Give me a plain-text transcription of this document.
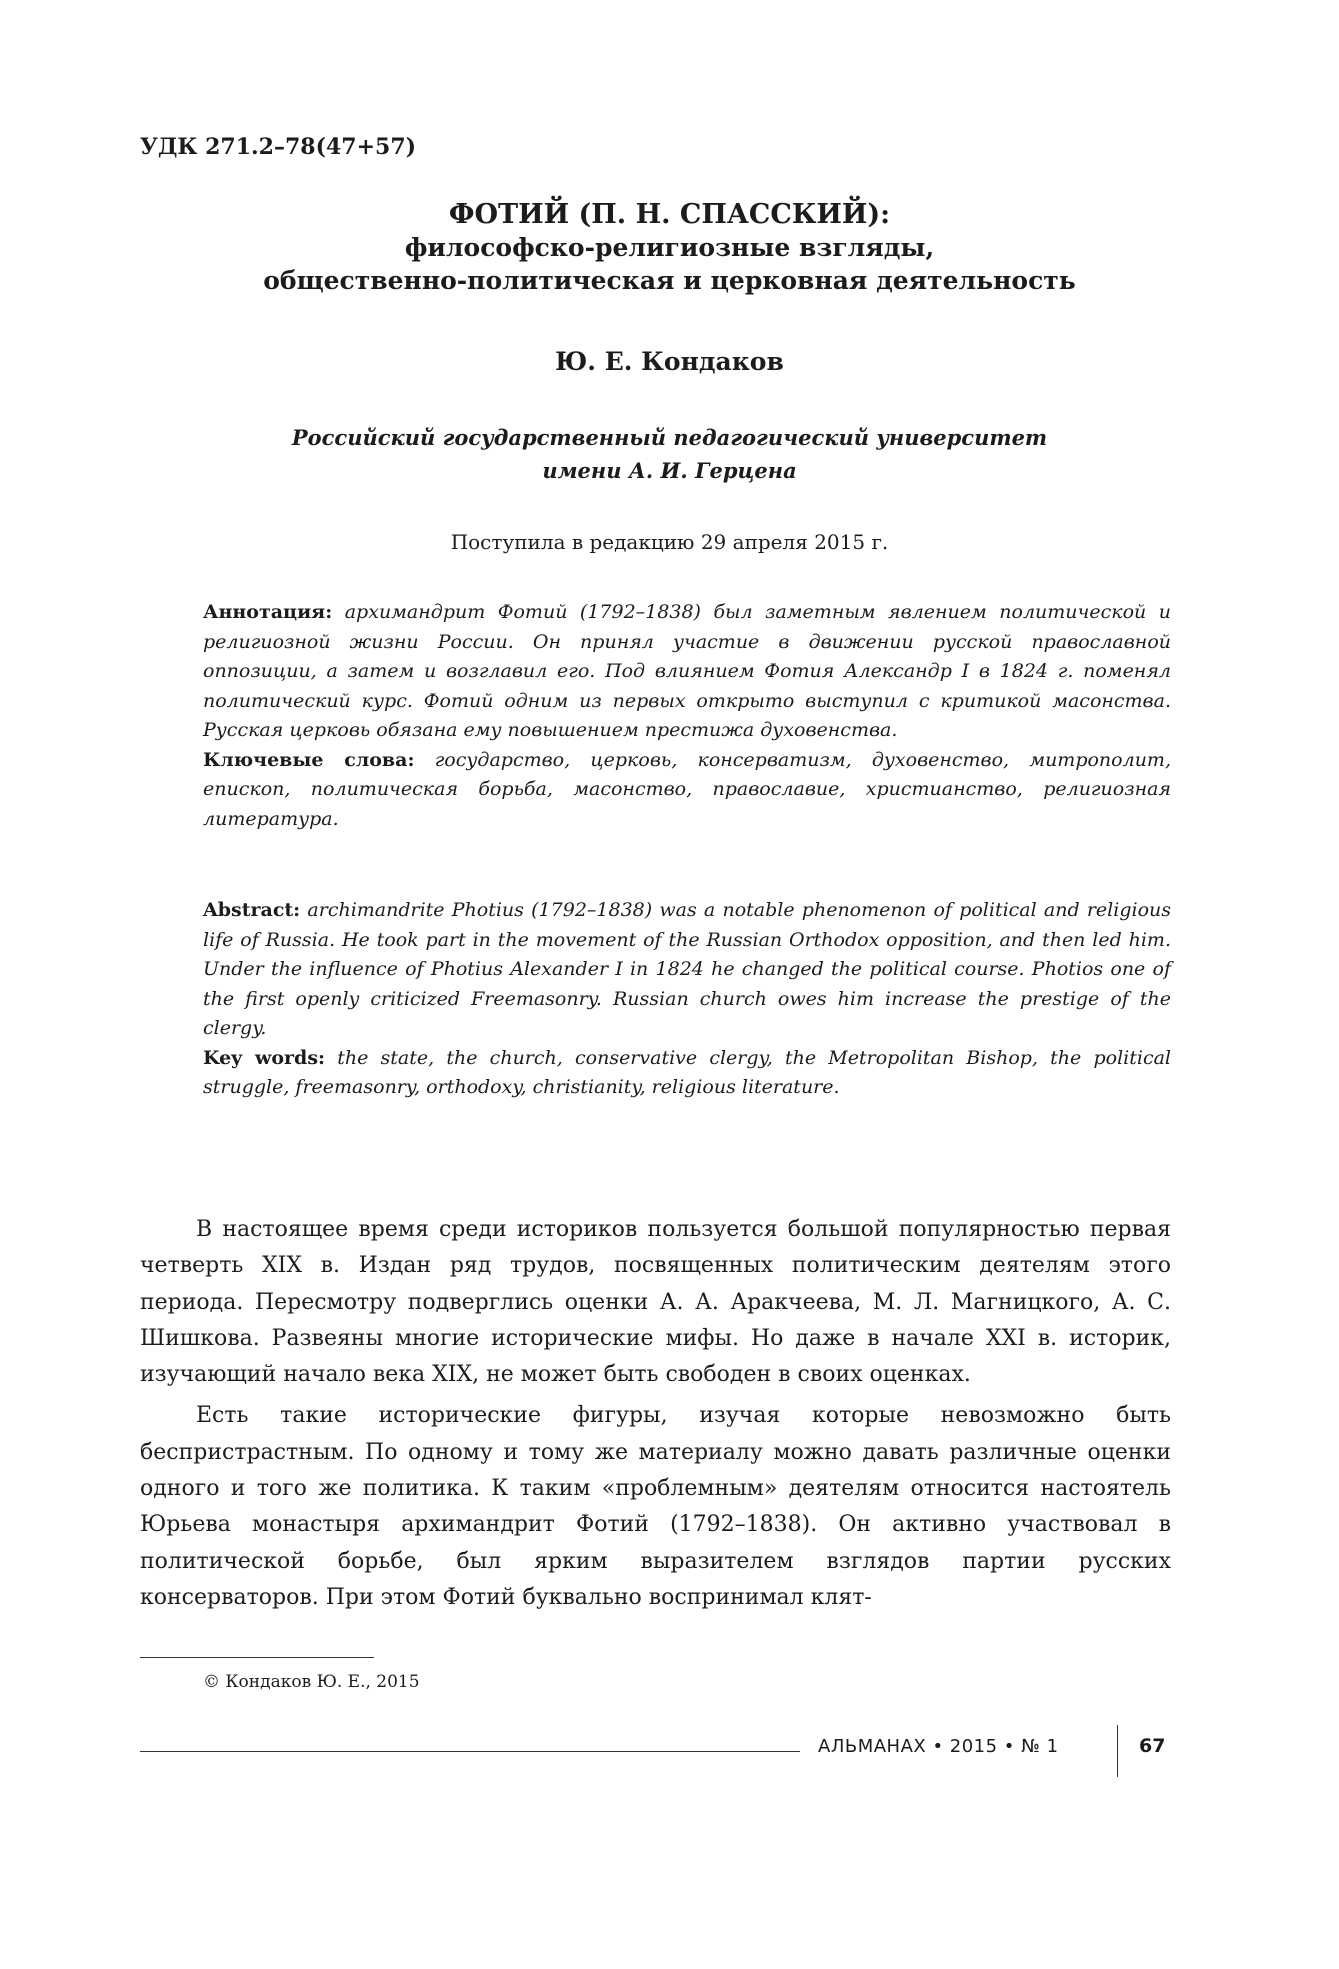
УДК 271.2–78(47+57)
ФОТИЙ (П. Н. СПАССКИЙ):
философско-религиозные взгляды,
общественно-политическая и церковная деятельность
Ю. Е. Кондаков
Российский государственный педагогический университет
имени А. И. Герцена
Поступила в редакцию 29 апреля 2015 г.

Аннотация: архимандрит Фотий (1792–1838) был заметным явлением политической и религиозной жизни России. Он принял участие в движении русской православной оппозиции, а затем и возглавил его. Под влиянием Фотия Александр I в 1824 г. поменял политический курс. Фотий одним из первых открыто выступил с критикой масонства. Русская церковь обязана ему повышением престижа духовенства.

Ключевые слова: государство, церковь, консерватизм, духовенство, митрополит, епископ, политическая борьба, масонство, православие, христианство, религиозная литература.

Abstract: archimandrite Photius (1792–1838) was a notable phenomenon of political and religious life of Russia. He took part in the movement of the Russian Orthodox opposition, and then led him. Under the influence of Photius Alexander I in 1824 he changed the political course. Photios one of the first openly criticized Freemasonry. Russian church owes him increase the prestige of the clergy.

Key words: the state, the church, conservative clergy, the Metropolitan Bishop, the political struggle, freemasonry, orthodoxy, christianity, religious literature.

В настоящее время среди историков пользуется большой популярностью первая четверть XIX в. Издан ряд трудов, посвященных политическим деятелям этого периода. Пересмотру подверглись оценки А. А. Аракчеева, М. Л. Магницкого, А. С. Шишкова. Развеяны многие исторические мифы. Но даже в начале XXI в. историк, изучающий начало века XIX, не может быть свободен в своих оценках.

Есть такие исторические фигуры, изучая которые невозможно быть беспристрастным. По одному и тому же материалу можно давать различные оценки одного и того же политика. К таким «проблемным» деятелям относится настоятель Юрьева монастыря архимандрит Фотий (1792–1838). Он активно участвовал в политической борьбе, был ярким выразителем взглядов партии русских консерваторов. При этом Фотий буквально воспринимал клят-

© Кондаков Ю. Е., 2015
АЛЬМАНАХ • 2015 • № 1	67
